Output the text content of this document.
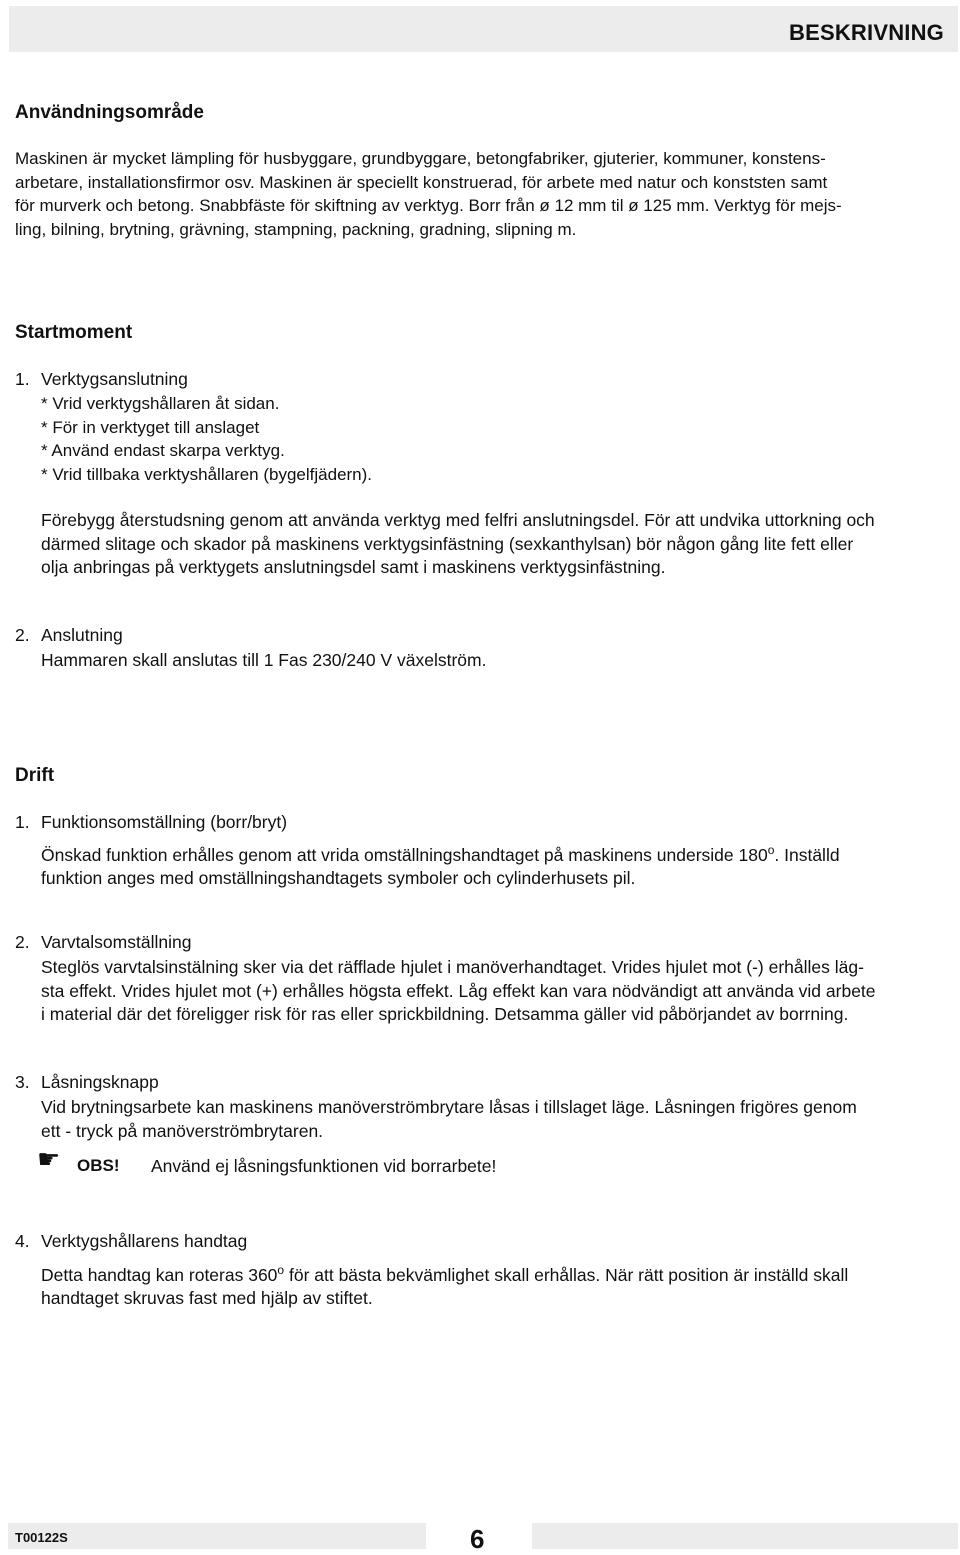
BESKRIVNING
Användningsområde
Maskinen är mycket lämpling för husbyggare, grundbyggare, betongfabriker, gjuterier, kommuner, konstens-
arbetare, installationsfirmor osv. Maskinen är speciellt konstruerad, för arbete med natur och konststen samt
för murverk och betong. Snabbfäste för skiftning av verktyg. Borr från ø 12 mm til ø 125 mm. Verktyg för mejs-
ling, bilning, brytning, grävning, stampning, packning, gradning, slipning m.
Startmoment
1. Verktygsanslutning
* Vrid verktygshållaren åt sidan.
* För in verktyget till anslaget
* Använd endast skarpa verktyg.
* Vrid tillbaka verktyshållaren (bygelfjädern).
Förebygg återstudsning genom att använda verktyg med felfri anslutningsdel. För att undvika uttorkning och
därmed slitage och skador på maskinens verktygsinfästning (sexkanthylsan) bör någon gång lite fett eller
olja anbringas på verktygets anslutningsdel samt i maskinens verktygsinfästning.
2. Anslutning
Hammaren skall anslutas till 1 Fas 230/240 V växelström.
Drift
1. Funktionsomställning (borr/bryt)
Önskad funktion erhålles genom att vrida omställningshandtaget på maskinens underside 180$^o$. Inställd
funktion anges med omställningshandtagets symboler och cylinderhusets pil.
2. Varvtalsomställning
Steglös varvtalsinstälning sker via det räfflade hjulet i manöverhandtaget. Vrides hjulet mot (-) erhålles läg-
sta effekt. Vrides hjulet mot (+) erhålles högsta effekt. Låg effekt kan vara nödvändigt att använda vid arbete
i material där det föreligger risk för ras eller sprickbildning. Detsamma gäller vid påbörjandet av borrning.
3. Låsningsknapp
Vid brytningsarbete kan maskinens manöverströmbrytare låsas i tillslaget läge. Låsningen frigöres genom
ett - tryck på manöverströmbrytaren.
☛ OBS! Använd ej låsningsfunktionen vid borrarbete!
4. Verktygshållarens handtag
Detta handtag kan roteras 360$^o$ för att bästa bekvämlighet skall erhållas. När rätt position är inställd skall
handtaget skruvas fast med hjälp av stiftet.
T00122S	6
